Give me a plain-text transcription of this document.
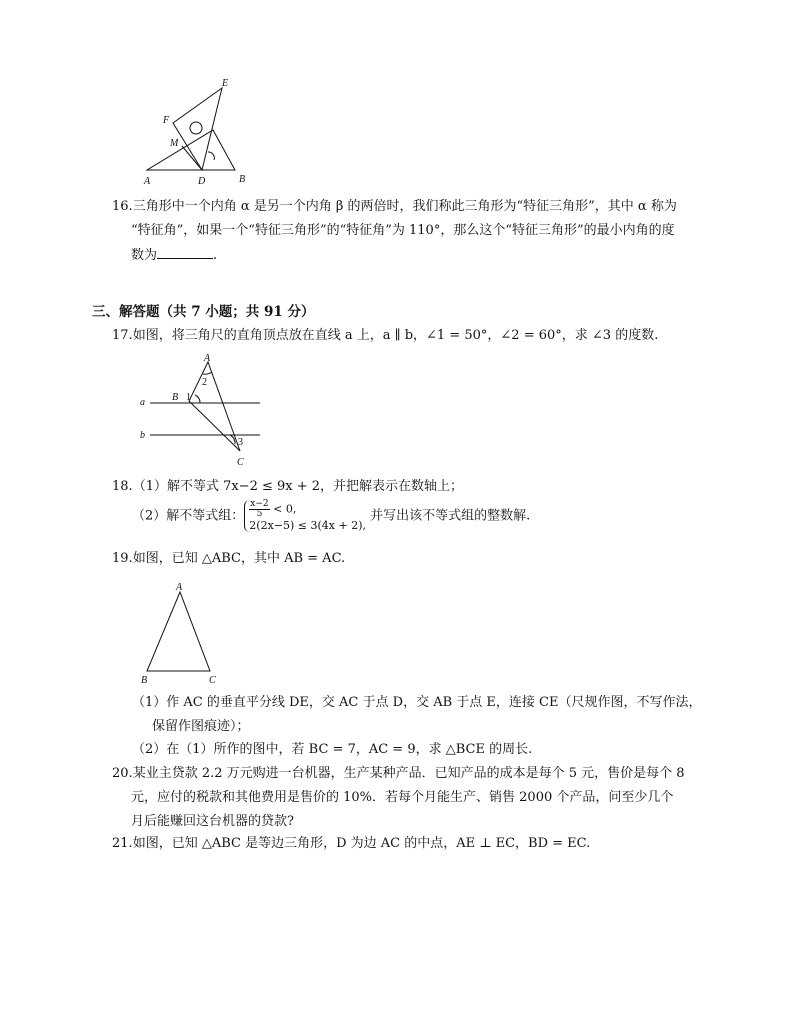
E
F
M
A	D	B
16.三角形中一个内角 α 是另一个内角 β 的两倍时，我们称此三角形为“特征三角形”，其中 α 称为
“特征角”，如果一个“特征三角形”的“特征角”为 110°，那么这个“特征三角形”的最小内角的度
数为	.
三、解答题（共 7 小题；共 91 分）
17.如图，将三角尺的直角顶点放在直线 a 上，a ∥ b，∠1 = 50°，∠2 = 60°，求 ∠3 的度数.
A
2
B 1
a
b
3
C
18.（1）解不等式 7x−2 ≤ 9x + 2，并把解表示在数轴上；
（2）解不等式组： $\frac{x-2}{5} < 0$,
2(2x−5) ≤ 3(4x + 2),
并写出该不等式组的整数解.
19.如图，已知 △ABC，其中 AB = AC.
A
B	C
（1）作 AC 的垂直平分线 DE，交 AC 于点 D，交 AB 于点 E，连接 CE（尺规作图，不写作法，
保留作图痕迹）；
（2）在（1）所作的图中，若 BC = 7，AC = 9，求 △BCE 的周长.
20.某业主贷款 2.2 万元购进一台机器，生产某种产品．已知产品的成本是每个 5 元，售价是每个 8
元，应付的税款和其他费用是售价的 10%．若每个月能生产、销售 2000 个产品，问至少几个
月后能赚回这台机器的贷款?
21.如图，已知 △ABC 是等边三角形，D 为边 AC 的中点，AE ⊥ EC，BD = EC.
